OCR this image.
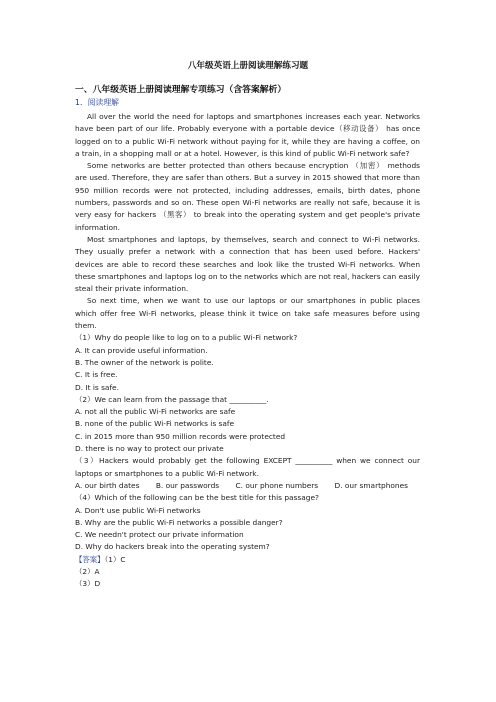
八年级英语上册阅读理解练习题
一、八年级英语上册阅读理解专项练习（含答案解析）
1．阅读理解

All over the world the need for laptops and smartphones increases each year. Networks have been part of our life. Probably everyone with a portable device（移动设备） has once logged on to a public Wi-Fi network without paying for it, while they are having a coffee, on a train, in a shopping mall or at a hotel. However, is this kind of public Wi-Fi network safe?

Some networks are better protected than others because encryption （加密） methods are used. Therefore, they are safer than others. But a survey in 2015 showed that more than 950 million records were not protected, including addresses, emails, birth dates, phone numbers, passwords and so on. These open Wi-Fi networks are really not safe, because it is very easy for hackers （黑客） to break into the operating system and get people's private information.

Most smartphones and laptops, by themselves, search and connect to Wi-Fi networks. They usually prefer a network with a connection that has been used before. Hackers' devices are able to record these searches and look like the trusted Wi-Fi networks. When these smartphones and laptops log on to the networks which are not real, hackers can easily steal their private information.

So next time, when we want to use our laptops or our smartphones in public places which offer free Wi-Fi networks, please think it twice on take safe measures before using them.

（1）Why do people like to log on to a public Wi-Fi network?

A. It can provide useful information.

B. The owner of the network is polite.

C. It is free.

D. It is safe.

（2）We can learn from the passage that __________.

A. not all the public Wi-Fi networks are safe

B. none of the public Wi-Fi networks is safe

C. in 2015 more than 950 million records were protected

D. there is no way to protect our private

（3）Hackers would probably get the following EXCEPT __________ when we connect our

laptops or smartphones to a public Wi-Fi network.

A. our birth dates B. our passwords C. our phone numbers D. our smartphones

（4）Which of the following can be the best title for this passage?

A. Don't use public Wi-Fi networks

B. Why are the public Wi-Fi networks a possible danger?

C. We needn't protect our private information

D. Why do hackers break into the operating system?

【答案】（1）C

（2）A

（3）D
